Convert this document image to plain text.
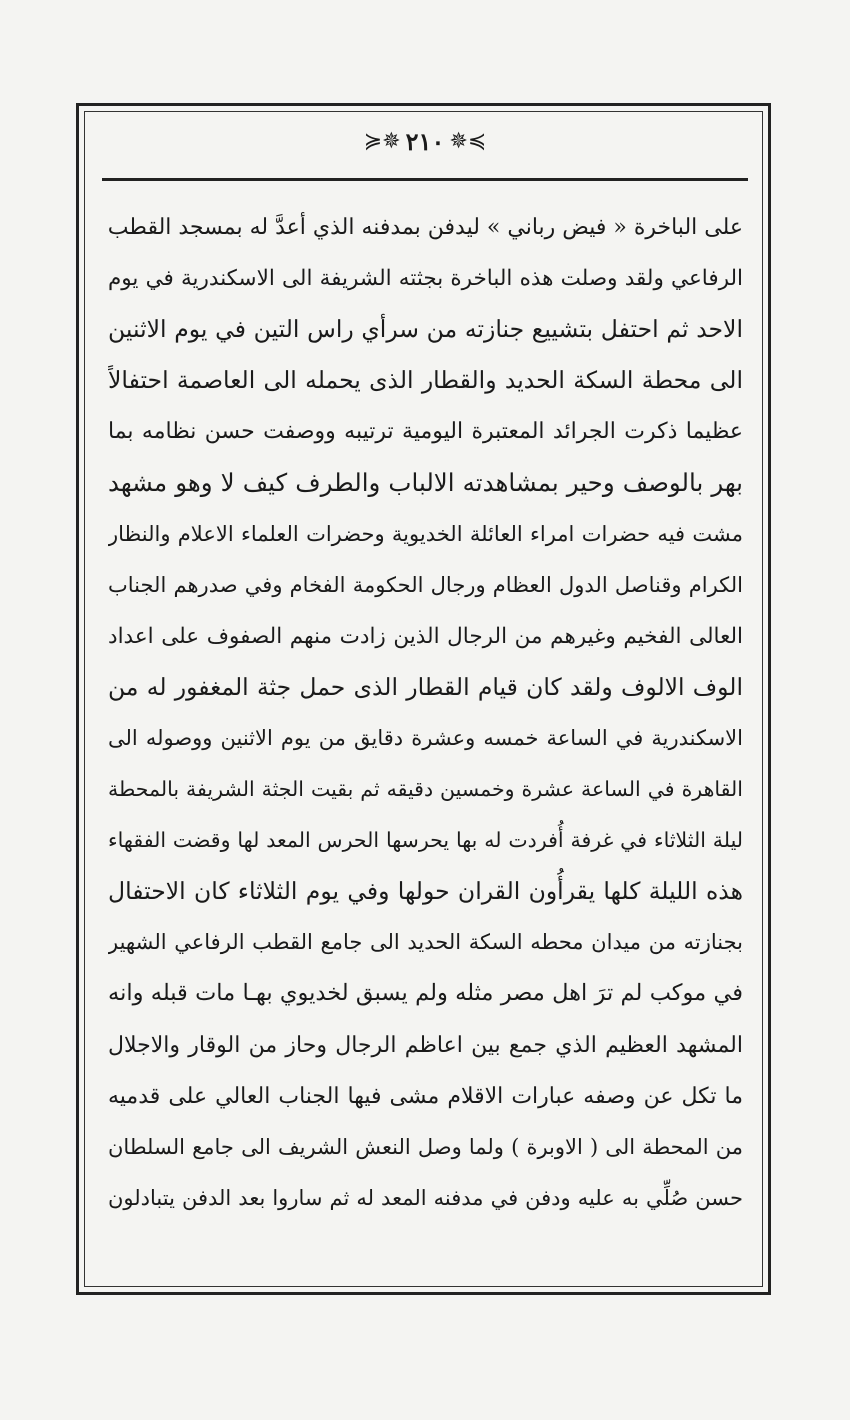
≽✵ ٢١٠ ✵≼
على الباخرة « فيض رباني » ليدفن بمدفنه الذي أعدَّ له بمسجد القطب
الرفاعي ولقد وصلت هذه الباخرة بجثته الشريفة الى الاسكندرية في يوم
الاحد ثم احتفل بتشييع جنازته من سرأي راس التين في يوم الاثنين
الى محطة السكة الحديد والقطار الذى يحمله الى العاصمة احتفالاً
عظيما ذكرت الجرائد المعتبرة اليومية ترتيبه ووصفت حسن نظامه بما
بهر بالوصف وحير بمشاهدته الالباب والطرف كيف لا وهو مشهد
مشت فيه حضرات امراء العائلة الخديوية وحضرات العلماء الاعلام والنظار
الكرام وقناصل الدول العظام ورجال الحكومة الفخام وفي صدرهم الجناب
العالى الفخيم وغيرهم من الرجال الذين زادت منهم الصفوف على اعداد
الوف الالوف ولقد كان قيام القطار الذى حمل جثة المغفور له من
الاسكندرية في الساعة خمسه وعشرة دقايق من يوم الاثنين ووصوله الى
القاهرة في الساعة عشرة وخمسين دقيقه ثم بقيت الجثة الشريفة بالمحطة
ليلة الثلاثاء في غرفة أُفردت له بها يحرسها الحرس المعد لها وقضت الفقهاء
هذه الليلة كلها يقرأُون القران حولها وفي يوم الثلاثاء كان الاحتفال
بجنازته من ميدان محطه السكة الحديد الى جامع القطب الرفاعي الشهير
في موكب لم ترَ اهل مصر مثله ولم يسبق لخديوي بهـا مات قبله وانه
المشهد العظيم الذي جمع بين اعاظم الرجال وحاز من الوقار والاجلال
ما تكل عن وصفه عبارات الاقلام مشى فيها الجناب العالي على قدميه
من المحطة الى ( الاوبرة ) ولما وصل النعش الشريف الى جامع السلطان
حسن صُلِّي به عليه ودفن في مدفنه المعد له ثم ساروا بعد الدفن يتبادلون
